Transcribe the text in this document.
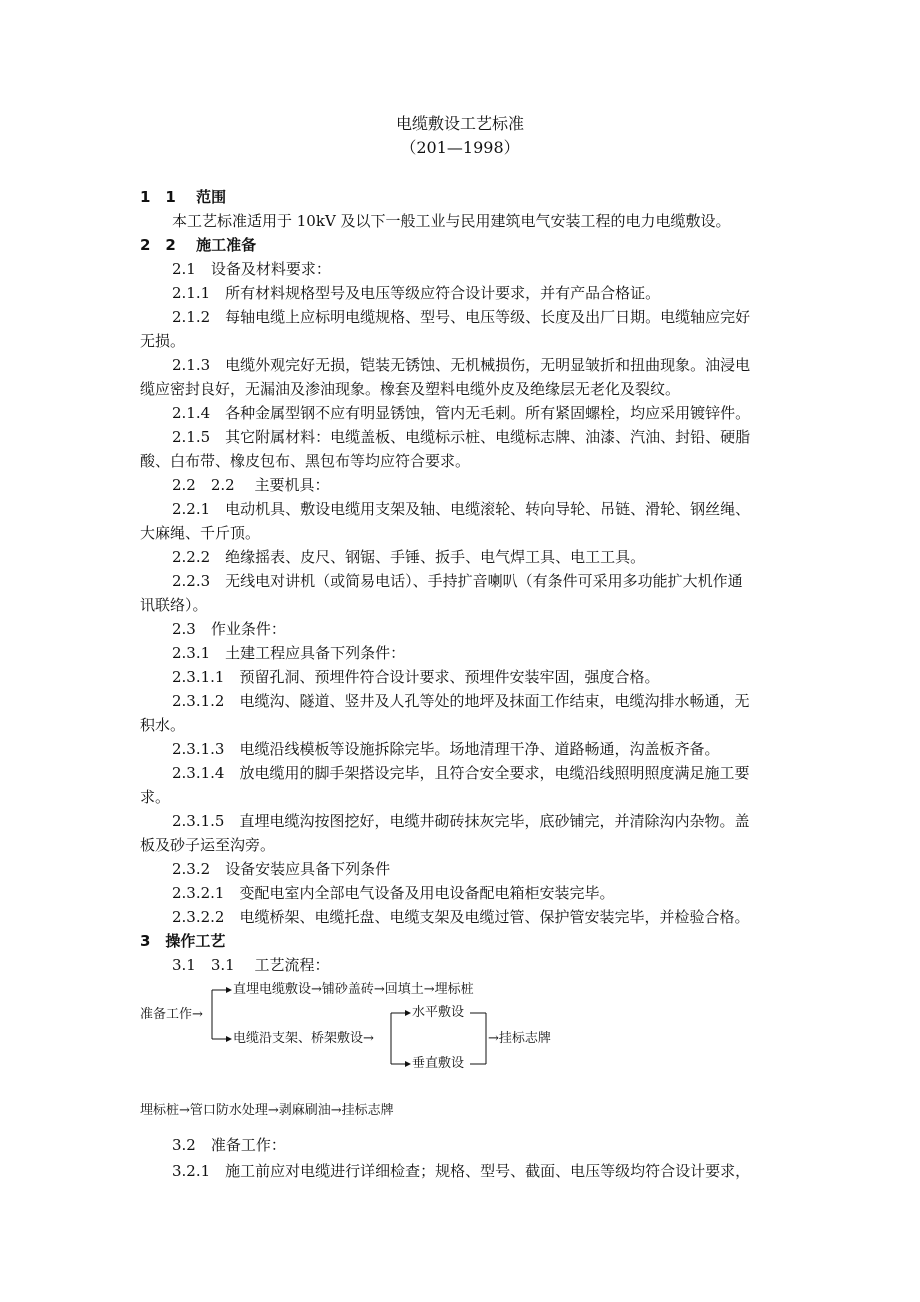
电缆敷设工艺标准
（201—1998）
1　1　 范围
本工艺标准适用于 10kV 及以下一般工业与民用建筑电气安装工程的电力电缆敷设。
2　2　 施工准备
2.1　设备及材料要求：
2.1.1　所有材料规格型号及电压等级应符合设计要求，并有产品合格证。
2.1.2　每轴电缆上应标明电缆规格、型号、电压等级、长度及出厂日期。电缆轴应完好
无损。
2.1.3　电缆外观完好无损，铠装无锈蚀、无机械损伤，无明显皱折和扭曲现象。油浸电
缆应密封良好，无漏油及渗油现象。橡套及塑料电缆外皮及绝缘层无老化及裂纹。
2.1.4　各种金属型钢不应有明显锈蚀，管内无毛刺。所有紧固螺栓，均应采用镀锌件。
2.1.5　其它附属材料：电缆盖板、电缆标示桩、电缆标志牌、油漆、汽油、封铅、硬脂
酸、白布带、橡皮包布、黑包布等均应符合要求。
2.2　2.2　 主要机具：
2.2.1　电动机具、敷设电缆用支架及轴、电缆滚轮、转向导轮、吊链、滑轮、钢丝绳、
大麻绳、千斤顶。
2.2.2　绝缘摇表、皮尺、钢锯、手锤、扳手、电气焊工具、电工工具。
2.2.3　无线电对讲机（或简易电话）、手持扩音喇叭（有条件可采用多功能扩大机作通
讯联络）。
2.3　作业条件：
2.3.1　土建工程应具备下列条件：
2.3.1.1　预留孔洞、预埋件符合设计要求、预埋件安装牢固，强度合格。
2.3.1.2　电缆沟、隧道、竖井及人孔等处的地坪及抹面工作结束，电缆沟排水畅通，无
积水。
2.3.1.3　电缆沿线模板等设施拆除完毕。场地清理干净、道路畅通，沟盖板齐备。
2.3.1.4　放电缆用的脚手架搭设完毕，且符合安全要求，电缆沿线照明照度满足施工要
求。
2.3.1.5　直埋电缆沟按图挖好，电缆井砌砖抹灰完毕，底砂铺完，并清除沟内杂物。盖
板及砂子运至沟旁。
2.3.2　设备安装应具备下列条件
2.3.2.1　变配电室内全部电气设备及用电设备配电箱柜安装完毕。
2.3.2.2　电缆桥架、电缆托盘、电缆支架及电缆过管、保护管安装完毕，并检验合格。
3　操作工艺
3.1　3.1　 工艺流程：
准备工作→
直埋电缆敷设→铺砂盖砖→回填土→埋标桩
电缆沿支架、桥架敷设→
水平敷设
垂直敷设
→挂标志牌
埋标桩→管口防水处理→剥麻刷油→挂标志牌
3.2　准备工作：
3.2.1　施工前应对电缆进行详细检查；规格、型号、截面、电压等级均符合设计要求，
